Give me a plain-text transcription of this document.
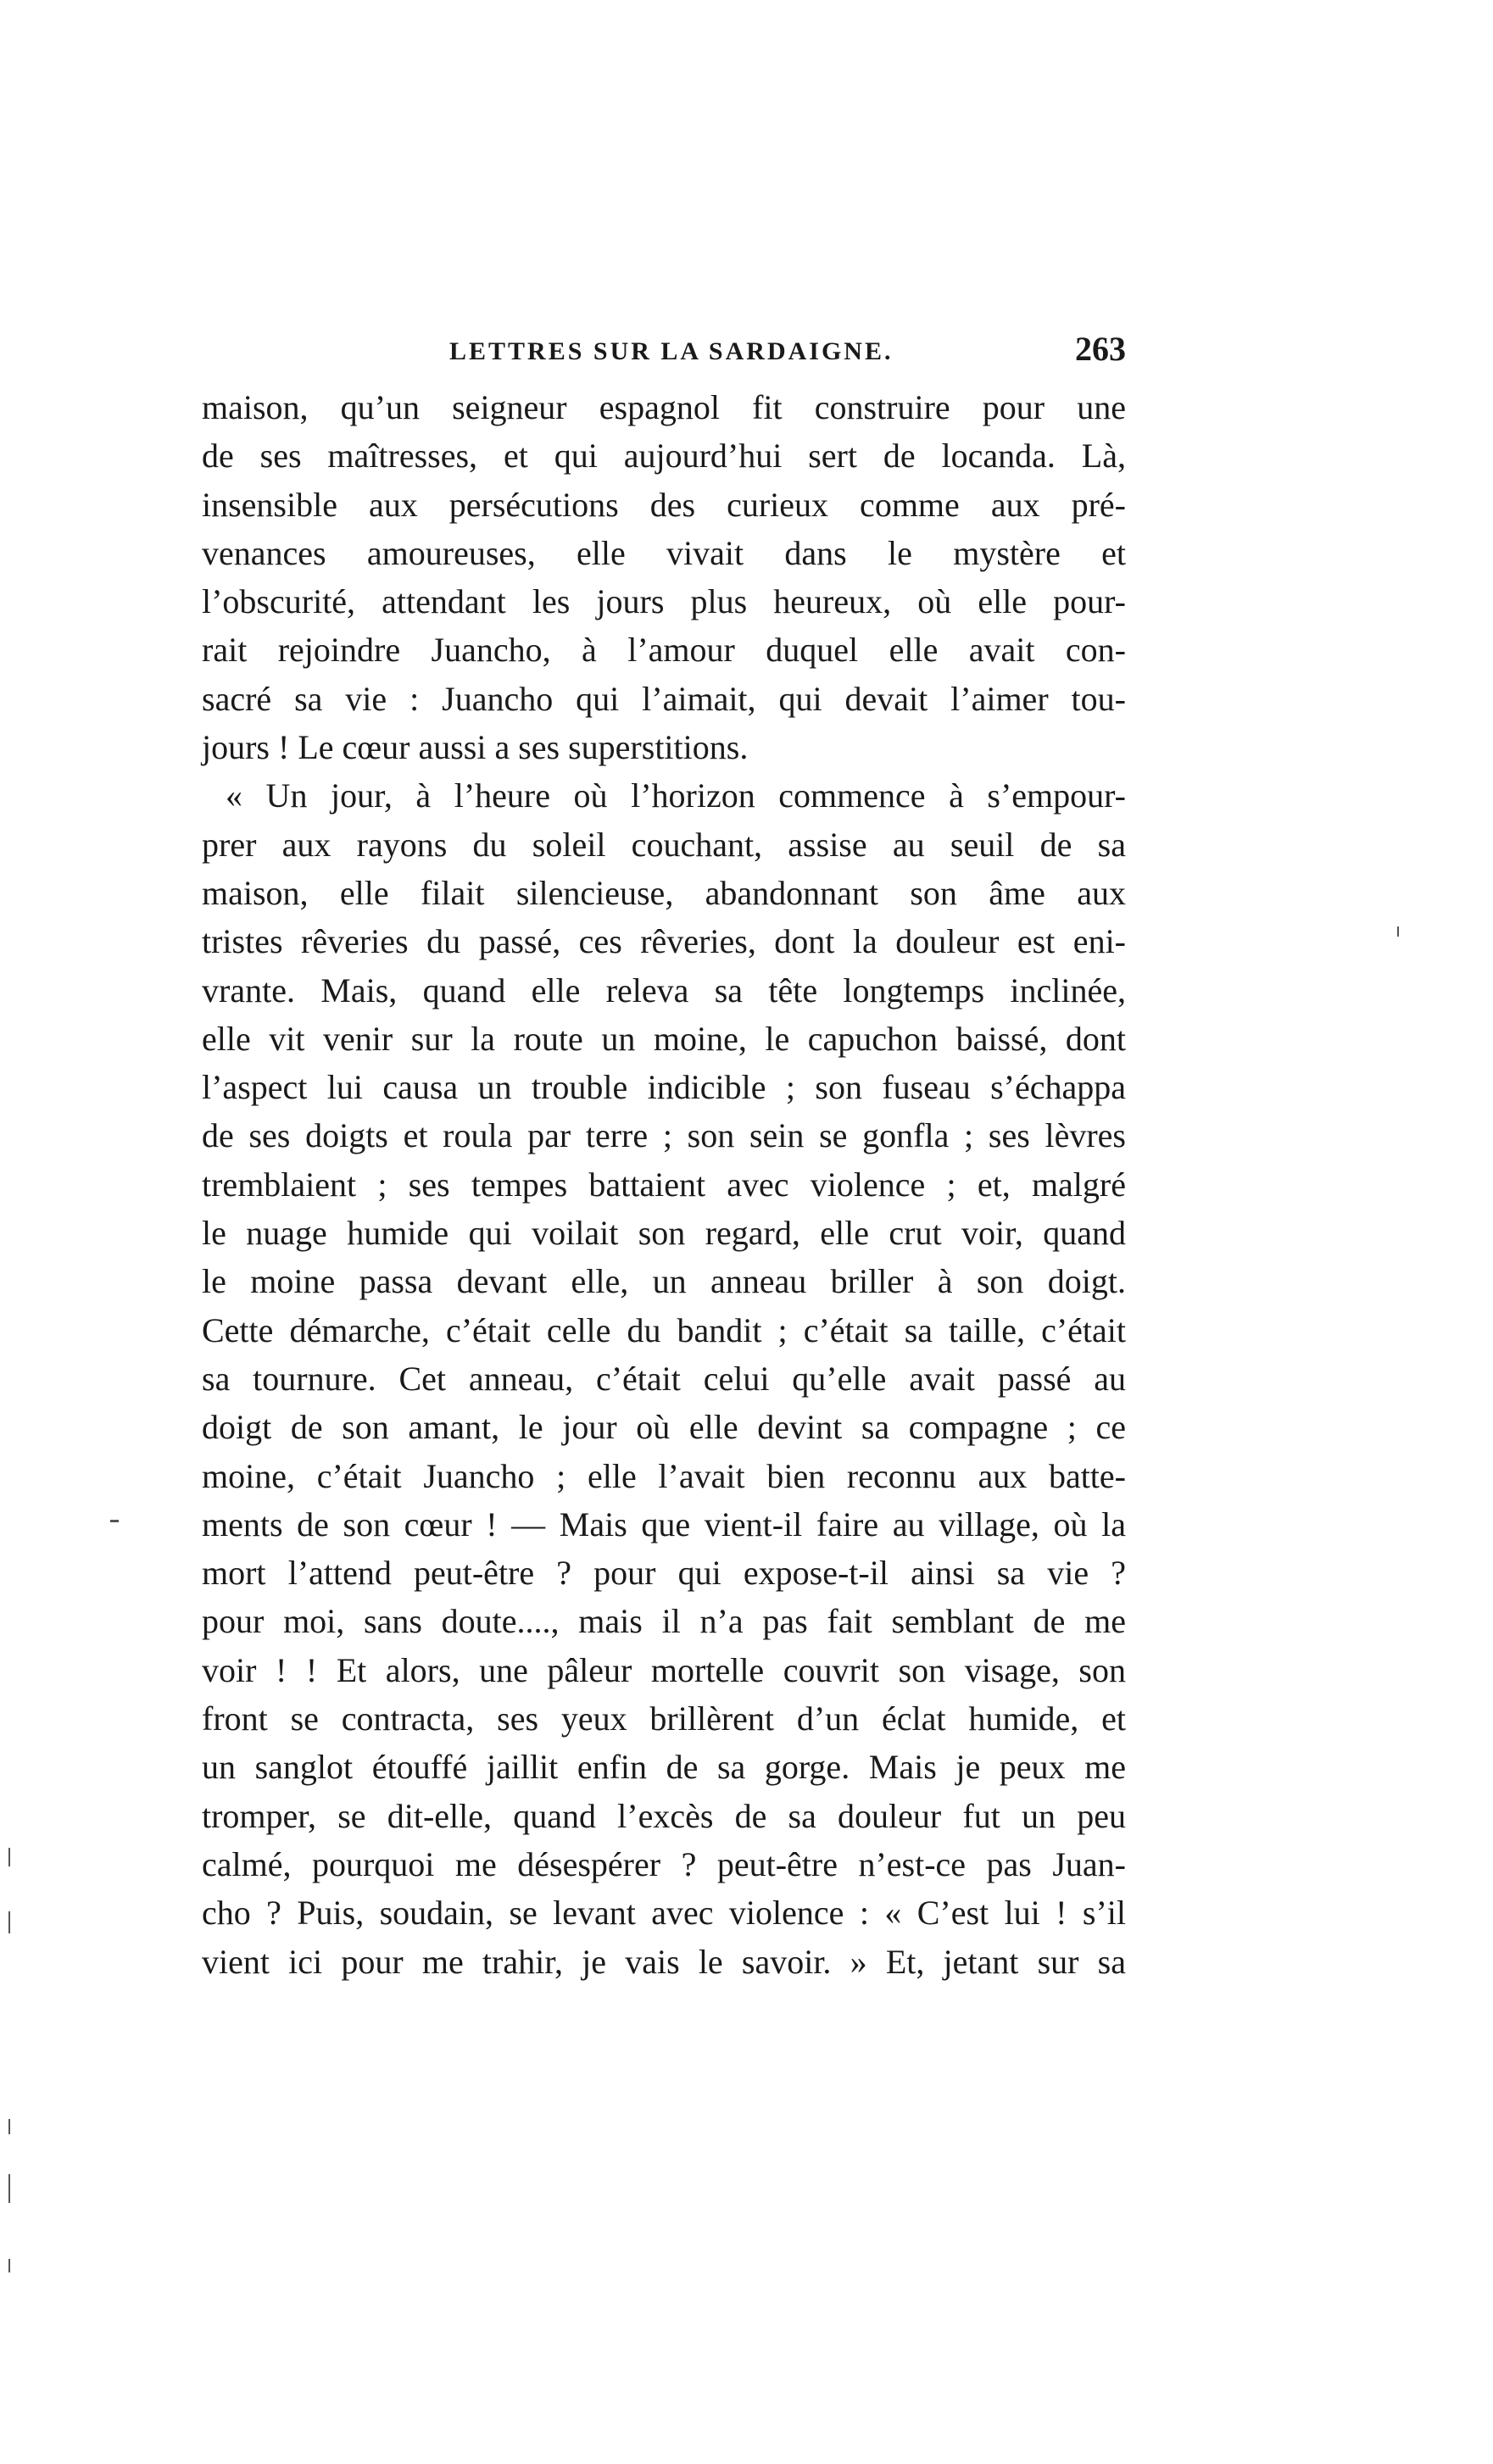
LETTRES SUR LA SARDAIGNE.	263
maison, qu’un seigneur espagnol fit construire pour une
de ses maîtresses, et qui aujourd’hui sert de locanda. Là,
insensible aux persécutions des curieux comme aux pré-
venances amoureuses, elle vivait dans le mystère et
l’obscurité, attendant les jours plus heureux, où elle pour-
rait rejoindre Juancho, à l’amour duquel elle avait con-
sacré sa vie : Juancho qui l’aimait, qui devait l’aimer tou-
jours ! Le cœur aussi a ses superstitions.
« Un jour, à l’heure où l’horizon commence à s’empour-
prer aux rayons du soleil couchant, assise au seuil de sa
maison, elle filait silencieuse, abandonnant son âme aux
tristes rêveries du passé, ces rêveries, dont la douleur est eni-
vrante. Mais, quand elle releva sa tête longtemps inclinée,
elle vit venir sur la route un moine, le capuchon baissé, dont
l’aspect lui causa un trouble indicible ; son fuseau s’échappa
de ses doigts et roula par terre ; son sein se gonfla ; ses lèvres
tremblaient ; ses tempes battaient avec violence ; et, malgré
le nuage humide qui voilait son regard, elle crut voir, quand
le moine passa devant elle, un anneau briller à son doigt.
Cette démarche, c’était celle du bandit ; c’était sa taille, c’était
sa tournure. Cet anneau, c’était celui qu’elle avait passé au
doigt de son amant, le jour où elle devint sa compagne ; ce
moine, c’était Juancho ; elle l’avait bien reconnu aux batte-
ments de son cœur ! — Mais que vient-il faire au village, où la
mort l’attend peut-être ? pour qui expose-t-il ainsi sa vie ?
pour moi, sans doute...., mais il n’a pas fait semblant de me
voir ! ! Et alors, une pâleur mortelle couvrit son visage, son
front se contracta, ses yeux brillèrent d’un éclat humide, et
un sanglot étouffé jaillit enfin de sa gorge. Mais je peux me
tromper, se dit-elle, quand l’excès de sa douleur fut un peu
calmé, pourquoi me désespérer ? peut-être n’est-ce pas Juan-
cho ? Puis, soudain, se levant avec violence : « C’est lui ! s’il
vient ici pour me trahir, je vais le savoir. » Et, jetant sur sa
